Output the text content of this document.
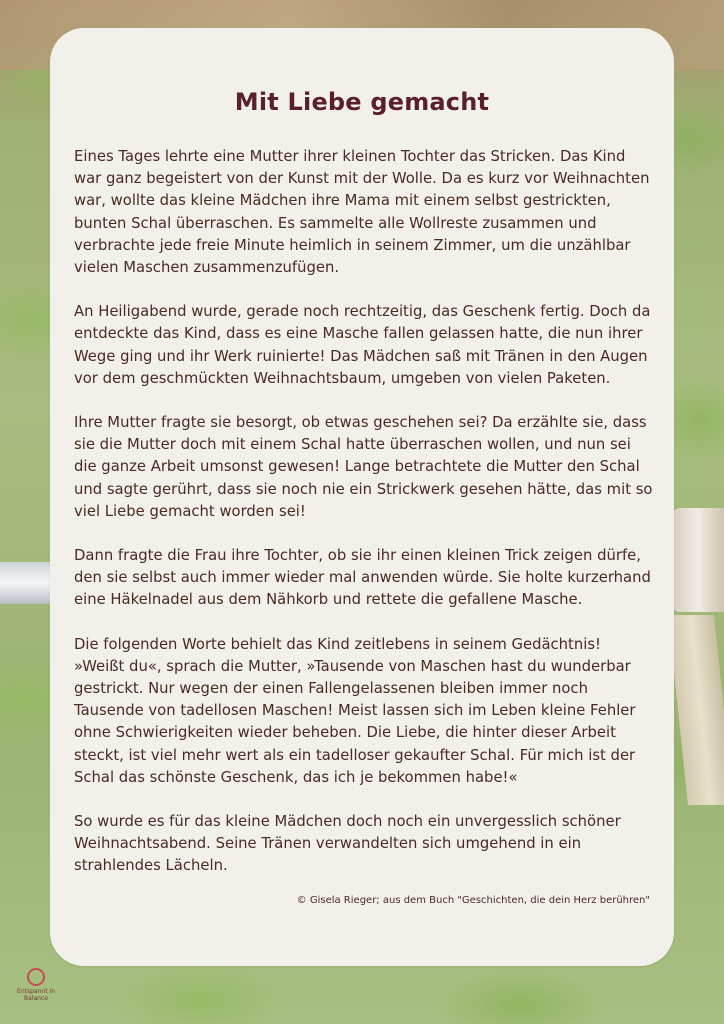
Mit Liebe gemacht

Eines Tages lehrte eine Mutter ihrer kleinen Tochter das Stricken. Das Kind war ganz begeistert von der Kunst mit der Wolle. Da es kurz vor Weihnachten war, wollte das kleine Mädchen ihre Mama mit einem selbst gestrickten, bunten Schal überraschen. Es sammelte alle Wollreste zusammen und verbrachte jede freie Minute heimlich in seinem Zimmer, um die unzählbar vielen Maschen zusammenzufügen.

An Heiligabend wurde, gerade noch rechtzeitig, das Geschenk fertig. Doch da entdeckte das Kind, dass es eine Masche fallen gelassen hatte, die nun ihrer Wege ging und ihr Werk ruinierte! Das Mädchen saß mit Tränen in den Augen vor dem geschmückten Weihnachtsbaum, umgeben von vielen Paketen.

Ihre Mutter fragte sie besorgt, ob etwas geschehen sei? Da erzählte sie, dass sie die Mutter doch mit einem Schal hatte überraschen wollen, und nun sei die ganze Arbeit umsonst gewesen! Lange betrachtete die Mutter den Schal und sagte gerührt, dass sie noch nie ein Strickwerk gesehen hätte, das mit so viel Liebe gemacht worden sei!

Dann fragte die Frau ihre Tochter, ob sie ihr einen kleinen Trick zeigen dürfe, den sie selbst auch immer wieder mal anwenden würde. Sie holte kurzerhand eine Häkelnadel aus dem Nähkorb und rettete die gefallene Masche.

Die folgenden Worte behielt das Kind zeitlebens in seinem Gedächtnis! »Weißt du«, sprach die Mutter, »Tausende von Maschen hast du wunderbar gestrickt. Nur wegen der einen Fallengelassenen bleiben immer noch Tausende von tadellosen Maschen! Meist lassen sich im Leben kleine Fehler ohne Schwierigkeiten wieder beheben. Die Liebe, die hinter dieser Arbeit steckt, ist viel mehr wert als ein tadelloser gekaufter Schal. Für mich ist der Schal das schönste Geschenk, das ich je bekommen habe!«

So wurde es für das kleine Mädchen doch noch ein unvergesslich schöner Weihnachtsabend. Seine Tränen verwandelten sich umgehend in ein strahlendes Lächeln.

© Gisela Rieger; aus dem Buch "Geschichten, die dein Herz berühren"
Entspannt in Balance
